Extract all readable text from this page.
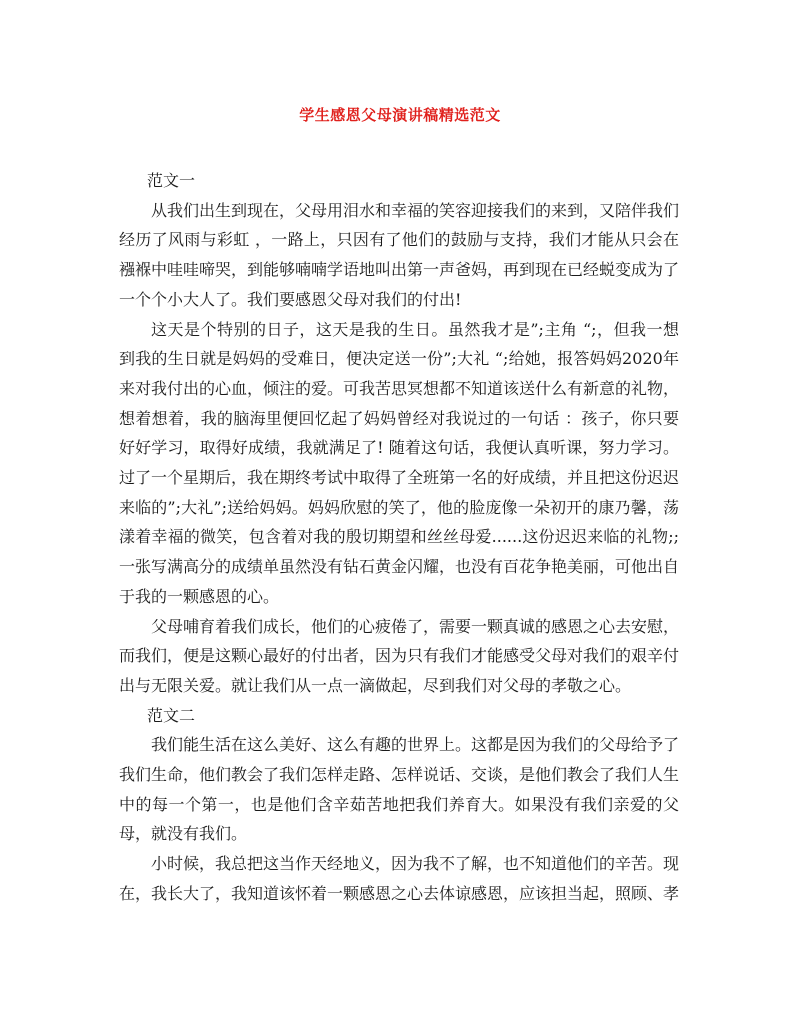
学生感恩父母演讲稿精选范文

范文一

从我们出生到现在，父母用泪水和幸福的笑容迎接我们的来到，又陪伴我们经历了风雨与彩虹 ，一路上，只因有了他们的鼓励与支持，我们才能从只会在襁褓中哇哇啼哭，到能够喃喃学语地叫出第一声爸妈，再到现在已经蜕变成为了一个个小大人了。我们要感恩父母对我们的付出!

这天是个特别的日子，这天是我的生日。虽然我才是”;主角 “;，但我一想到我的生日就是妈妈的受难日，便决定送一份”;大礼 “;给她，报答妈妈2020年来对我付出的心血，倾注的爱。可我苦思冥想都不知道该送什么有新意的礼物，想着想着，我的脑海里便回忆起了妈妈曾经对我说过的一句话 ：孩子，你只要好好学习，取得好成绩，我就满足了! 随着这句话，我便认真听课，努力学习。过了一个星期后，我在期终考试中取得了全班第一名的好成绩，并且把这份迟迟来临的”;大礼”;送给妈妈。妈妈欣慰的笑了，他的脸庞像一朵初开的康乃馨，荡漾着幸福的微笑，包含着对我的殷切期望和丝丝母爱......这份迟迟来临的礼物;;一张写满高分的成绩单虽然没有钻石黄金闪耀，也没有百花争艳美丽，可他出自于我的一颗感恩的心。

父母哺育着我们成长，他们的心疲倦了，需要一颗真诚的感恩之心去安慰，而我们，便是这颗心最好的付出者，因为只有我们才能感受父母对我们的艰辛付出与无限关爱。就让我们从一点一滴做起，尽到我们对父母的孝敬之心。

范文二

我们能生活在这么美好、这么有趣的世界上。这都是因为我们的父母给予了我们生命，他们教会了我们怎样走路、怎样说话、交谈，是他们教会了我们人生中的每一个第一，也是他们含辛茹苦地把我们养育大。如果没有我们亲爱的父母，就没有我们。

小时候，我总把这当作天经地义，因为我不了解，也不知道他们的辛苦。现在，我长大了，我知道该怀着一颗感恩之心去体谅感恩，应该担当起，照顾、孝
